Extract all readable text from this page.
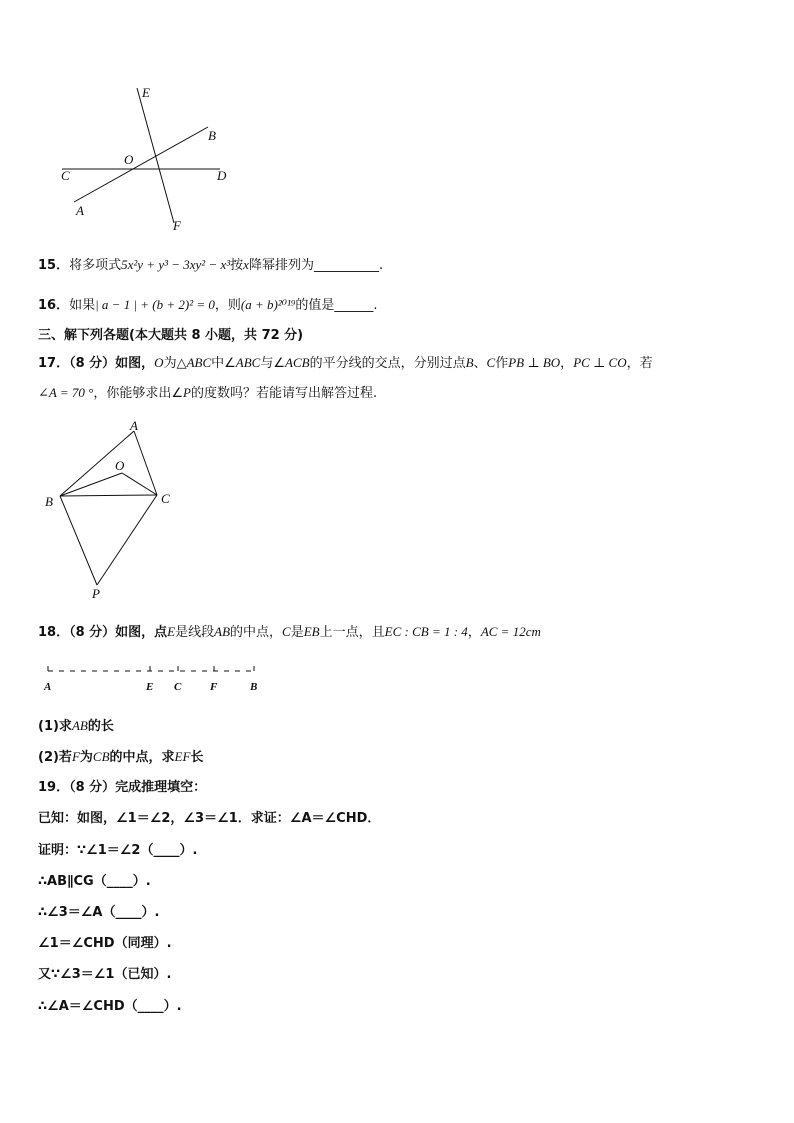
E
B
O
C	D
A
F
15．将多项式5x²y + y³ − 3xy² − x³按x降幂排列为__________.
16．如果| a − 1 | + (b + 2)² = 0，则(a + b)²⁰¹⁹的值是______.
三、解下列各题(本大题共 8 小题，共 72 分)
17．（8 分）如图，O为△ABC中∠ABC与∠ACB的平分线的交点，分别过点B、C作PB ⊥ BO，PC ⊥ CO，若
∠A = 70 °，你能够求出∠P的度数吗？若能请写出解答过程.
A
O
B	C
P
18．（8 分）如图，点E是线段AB的中点，C是EB上一点，且EC : CB = 1 : 4，AC = 12cm
A	E C	F	B
(1)求AB的长
(2)若F为CB的中点，求EF长
19．（8 分）完成推理填空：
已知：如图，∠1＝∠2，∠3＝∠1．求证：∠A＝∠CHD．
证明：∵∠1＝∠2（____）.
∴AB∥CG（____）.
∴∠3＝∠A（____）.
∠1＝∠CHD（同理）.
又∵∠3＝∠1（已知）.
∴∠A＝∠CHD（____）.
